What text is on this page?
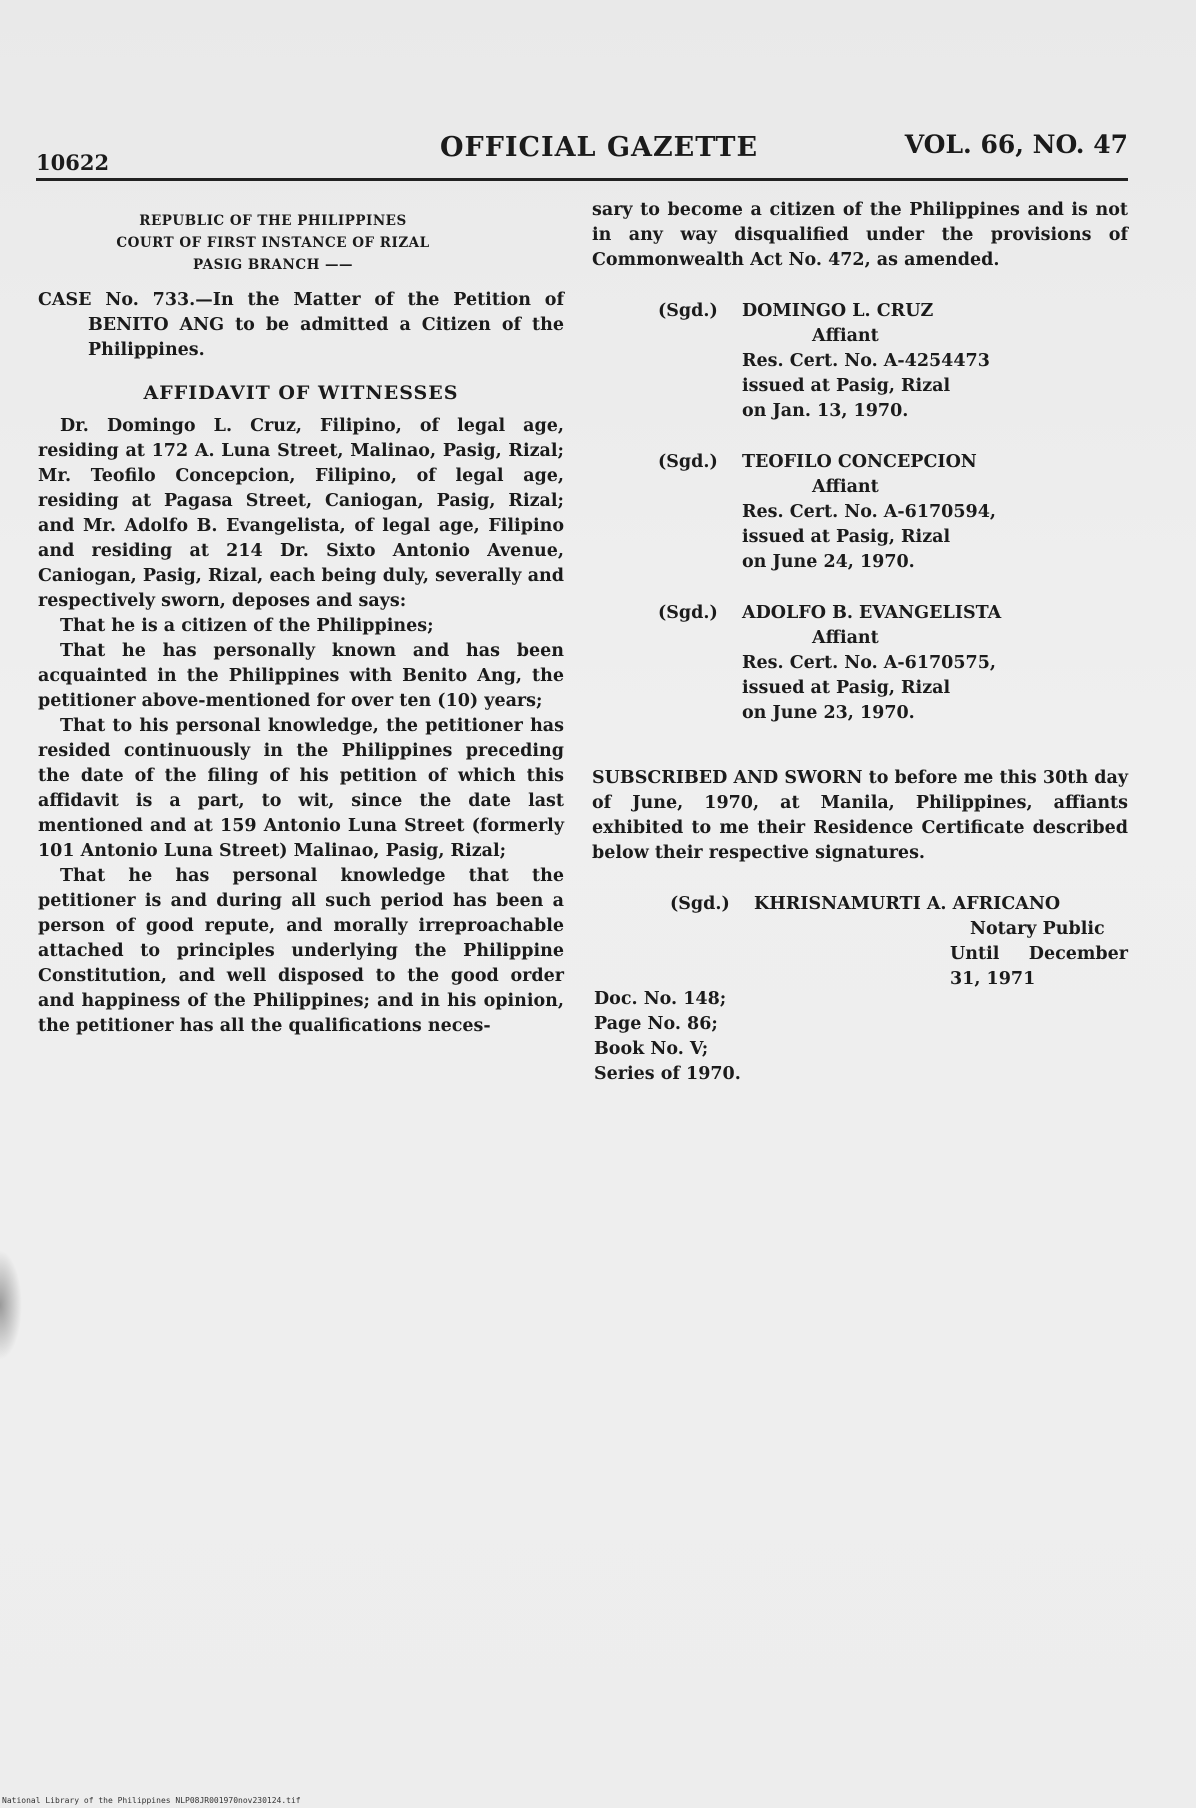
10622	OFFICIAL GAZETTE	VOL. 66, NO. 47
REPUBLIC OF THE PHILIPPINES
COURT OF FIRST INSTANCE OF RIZAL
PASIG BRANCH ——

CASE No. 733.—In the Matter of the Petition of BENITO ANG to be admitted a Citizen of the Philippines.

AFFIDAVIT OF WITNESSES

Dr. Domingo L. Cruz, Filipino, of legal age, residing at 172 A. Luna Street, Malinao, Pasig, Rizal; Mr. Teofilo Concepcion, Filipino, of legal age, residing at Pagasa Street, Caniogan, Pasig, Rizal; and Mr. Adolfo B. Evangelista, of legal age, Filipino and residing at 214 Dr. Sixto Antonio Avenue, Caniogan, Pasig, Rizal, each being duly, severally and respectively sworn, deposes and says:

That he is a citizen of the Philippines;

That he has personally known and has been acquainted in the Philippines with Benito Ang, the petitioner above-mentioned for over ten (10) years;

That to his personal knowledge, the petitioner has resided continuously in the Philippines preceding the date of the filing of his petition of which this affidavit is a part, to wit, since the date last mentioned and at 159 Antonio Luna Street (formerly 101 Antonio Luna Street) Malinao, Pasig, Rizal;

That he has personal knowledge that the petitioner is and during all such period has been a person of good repute, and morally irreproachable attached to principles underlying the Philippine Constitution, and well disposed to the good order and happiness of the Philippines; and in his opinion, the petitioner has all the qualifications neces-

sary to become a citizen of the Philippines and is not in any way disqualified under the provisions of Commonwealth Act No. 472, as amended.

(Sgd.)	DOMINGO L. CRUZ
Affiant
Res. Cert. No. A-4254473
issued at Pasig, Rizal
on Jan. 13, 1970.
(Sgd.)	TEOFILO CONCEPCION
Affiant
Res. Cert. No. A-6170594,
issued at Pasig, Rizal
on June 24, 1970.
(Sgd.)	ADOLFO B. EVANGELISTA
Affiant
Res. Cert. No. A-6170575,
issued at Pasig, Rizal
on June 23, 1970.

SUBSCRIBED AND SWORN to before me this 30th day of June, 1970, at Manila, Philippines, affiants exhibited to me their Residence Certificate described below their respective signatures.

(Sgd.)	KHRISNAMURTI A. AFRICANO
Notary Public
Until December 31, 1971
Doc. No. 148;
Page No. 86;
Book No. V;
Series of 1970.
National Library of the Philippines NLP08JR001970nov230124.tif
